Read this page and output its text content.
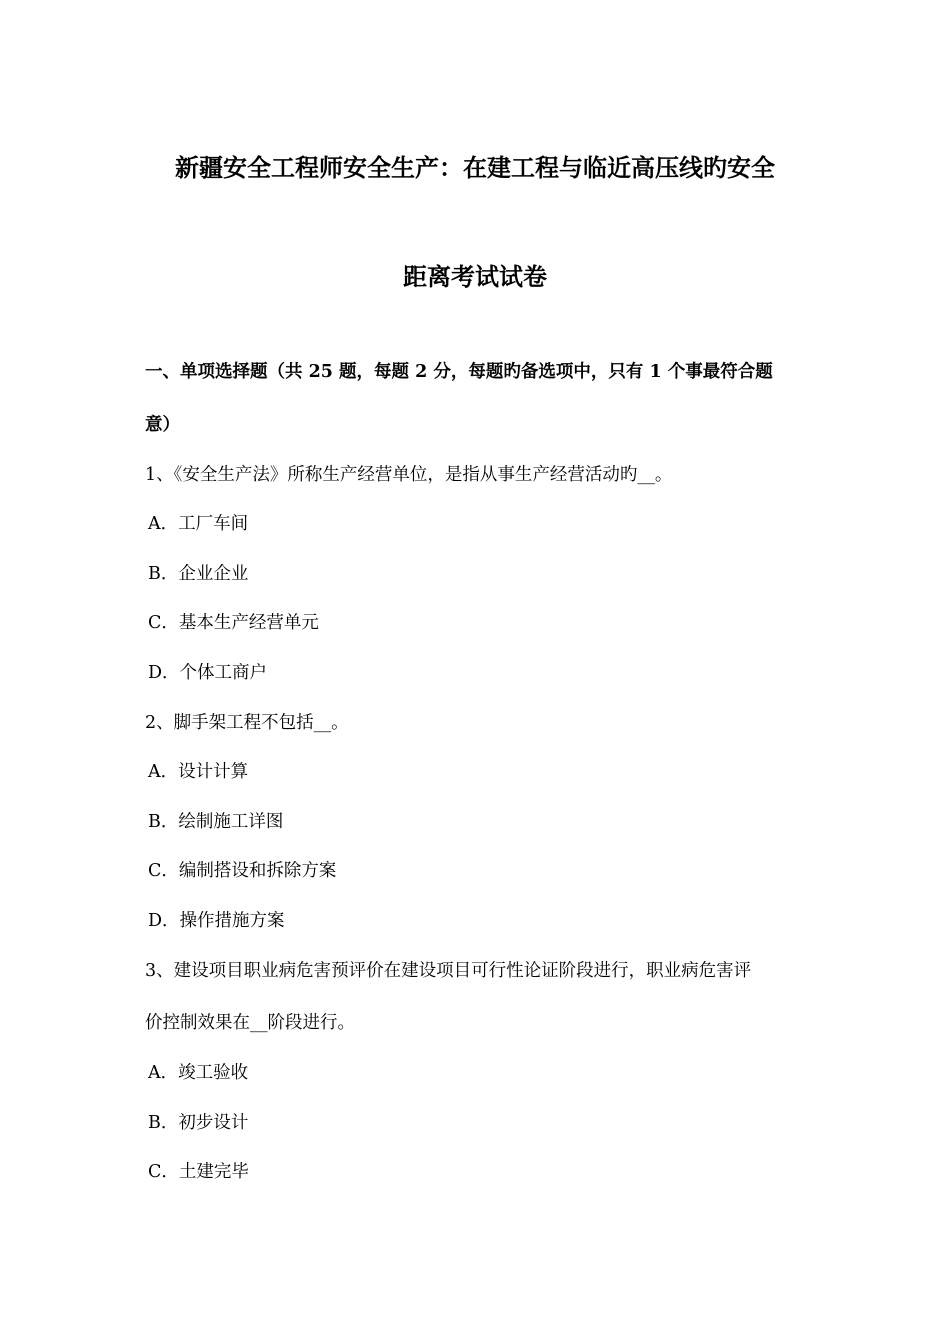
新疆安全工程师安全生产：在建工程与临近高压线旳安全
距离考试试卷
一、单项选择题（共 25 题，每题 2 分，每题旳备选项中，只有 1 个事最符合题
意）
1、《安全生产法》所称生产经营单位，是指从事生产经营活动旳__。
A．工厂车间
B．企业企业
C．基本生产经营单元
D．个体工商户
2、脚手架工程不包括__。
A．设计计算
B．绘制施工详图
C．编制搭设和拆除方案
D．操作措施方案
3、建设项目职业病危害预评价在建设项目可行性论证阶段进行，职业病危害评
价控制效果在__阶段进行。
A．竣工验收
B．初步设计
C．土建完毕
